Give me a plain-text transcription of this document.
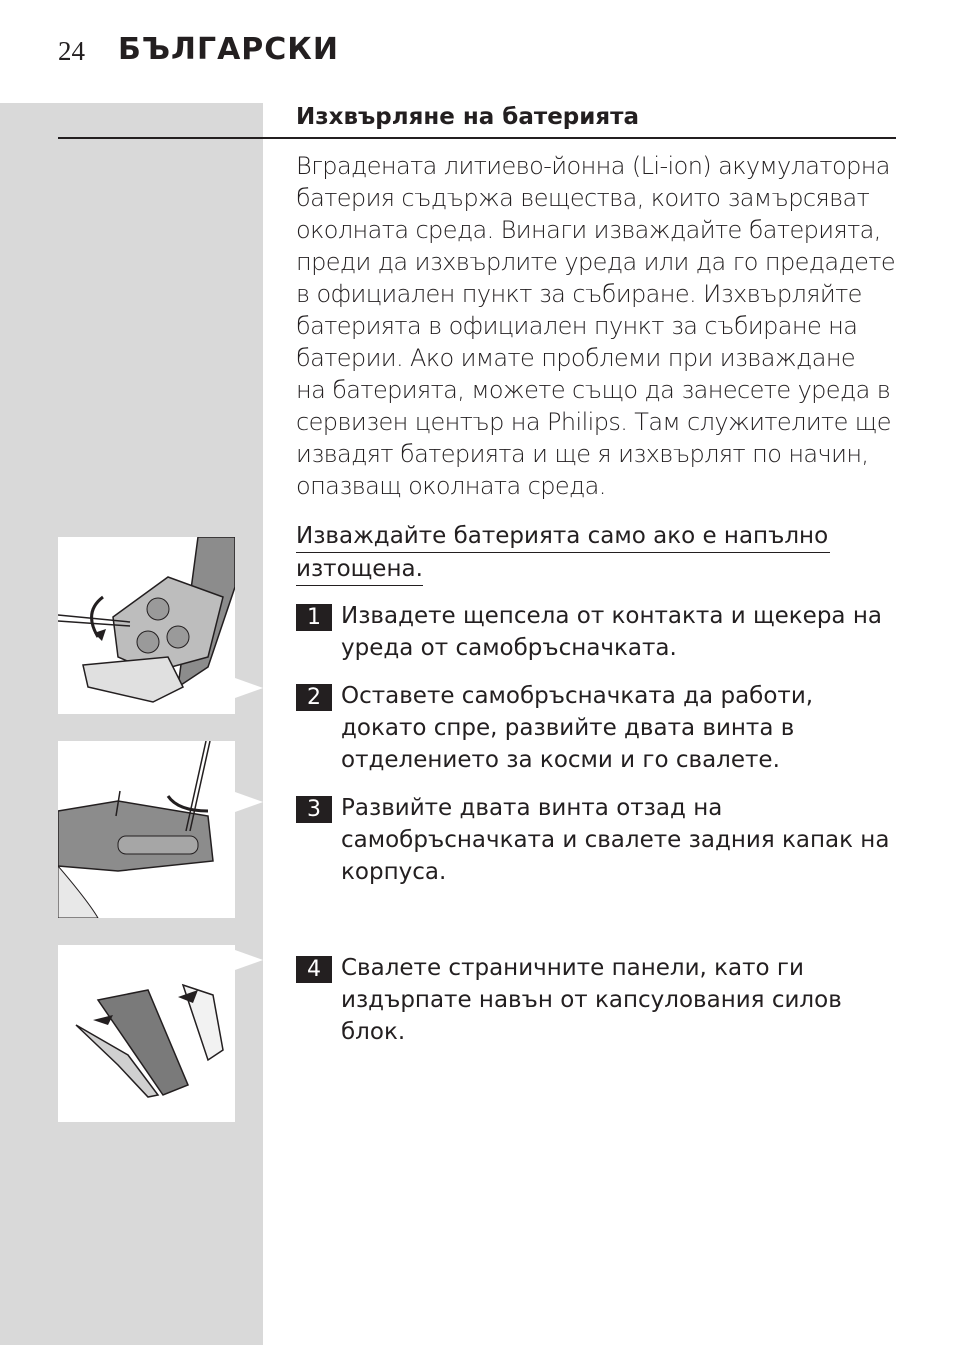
24 БЪЛГАРСКИ
Изхвърляне на батерията

Вградената литиево-йонна (Li-ion) акумулаторна

батерия съдържа вещества, които замърсяват

околната среда. Винаги изваждайте батерията,

преди да изхвърлите уреда или да го предадете

в официален пункт за събиране. Изхвърляйте

батерията в официален пункт за събиране на

батерии. Ако имате проблеми при изваждане

на батерията, можете също да занесете уреда в

сервизен център на Philips. Там служителите ще

извадят батерията и ще я изхвърлят по начин,

опазващ околната среда.

Изваждайте батерията само ако е напълно
изтощена.
1 Извадете щепсела от контакта и щекера на
уреда от самобръсначката.
2 Оставете самобръсначката да работи,
докато спре, развийте двата винта в
отделението за косми и го свалете.
3 Развийте двата винта отзад на
самобръсначката и свалете задния капак на
корпуса.
4 Свалете страничните панели, като ги
издърпате навън от капсулования силов
блок.
